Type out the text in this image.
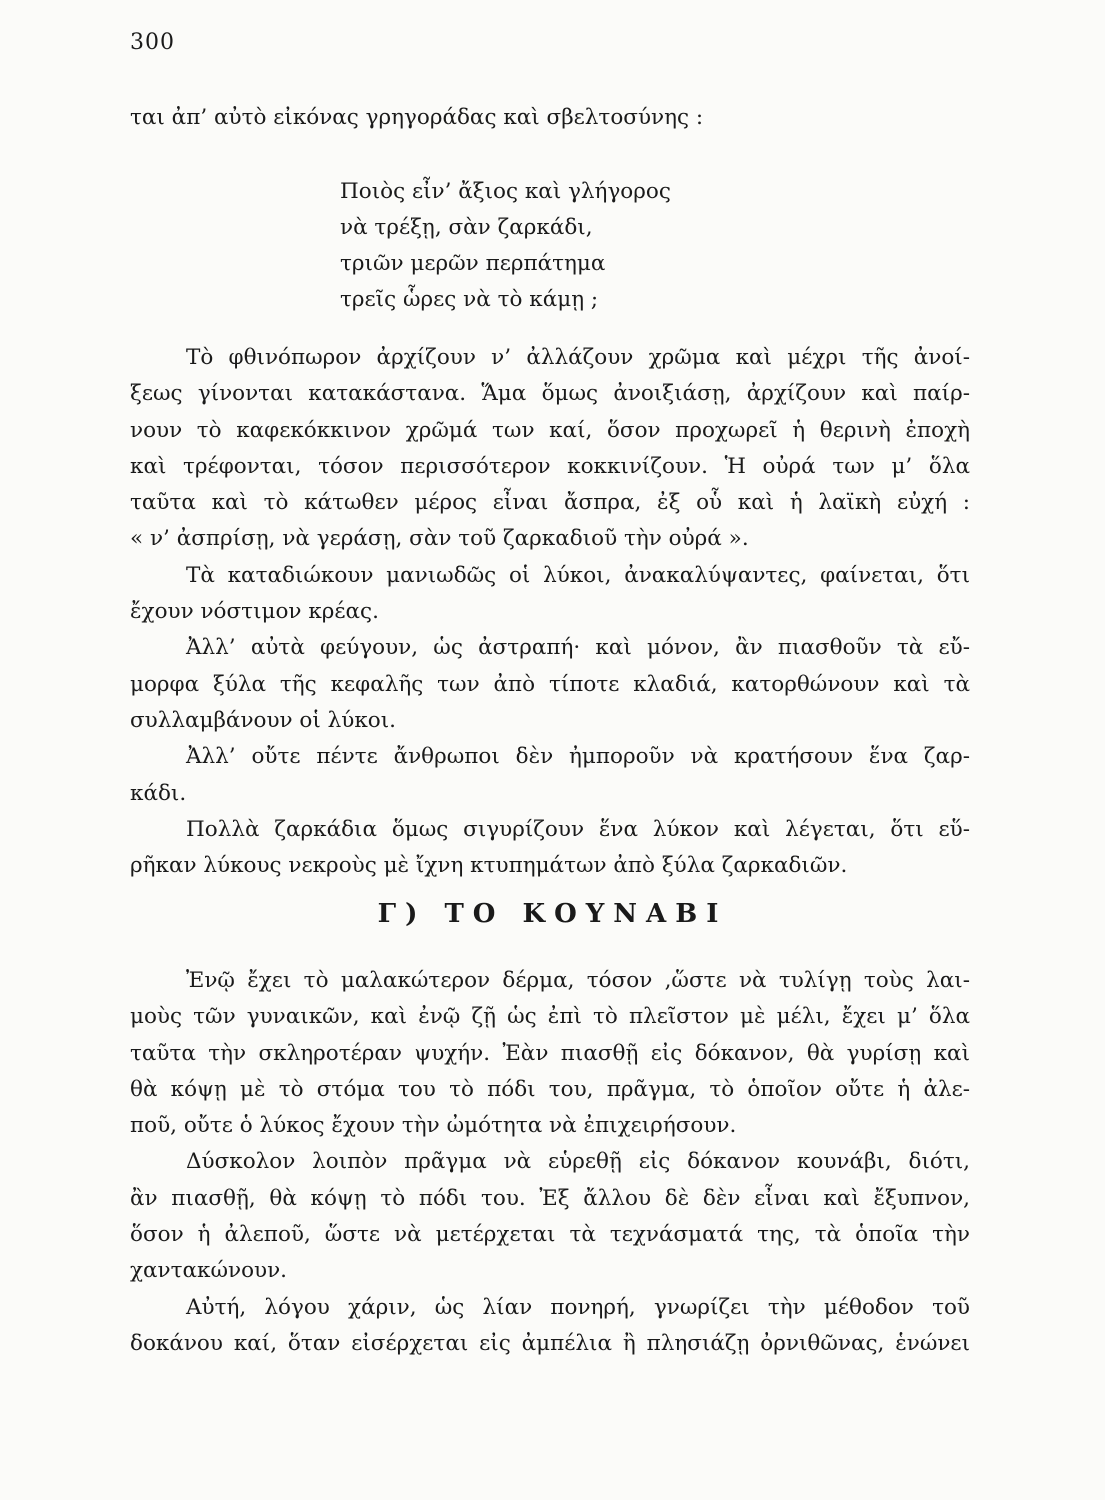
300
ται ἀπ’ αὐτὸ εἰκόνας γρηγοράδας καὶ σβελτοσύνης :
Ποιὸς εἶν’ ἄξιος καὶ γλήγορος
νὰ τρέξῃ, σὰν ζαρκάδι,
τριῶν μερῶν περπάτημα
τρεῖς ὧρες νὰ τὸ κάμῃ ;
Τὸ φθινόπωρον ἀρχίζουν ν’ ἀλλάζουν χρῶμα καὶ μέχρι τῆς ἀνοί-
ξεως γίνονται κατακάστανα. Ἅμα ὅμως ἀνοιξιάσῃ, ἀρχίζουν καὶ παίρ-
νουν τὸ καφεκόκκινον χρῶμά των καί, ὅσον προχωρεῖ ἡ θερινὴ ἐποχὴ
καὶ τρέφονται, τόσον περισσότερον κοκκινίζουν. Ἡ οὐρά των μ’ ὅλα
ταῦτα καὶ τὸ κάτωθεν μέρος εἶναι ἄσπρα, ἐξ οὗ καὶ ἡ λαϊκὴ εὐχή :
« ν’ ἀσπρίσῃ, νὰ γεράσῃ, σὰν τοῦ ζαρκαδιοῦ τὴν οὐρά ».
Τὰ καταδιώκουν μανιωδῶς οἱ λύκοι, ἀνακαλύψαντες, φαίνεται, ὅτι
ἔχουν νόστιμον κρέας.
Ἀλλ’ αὐτὰ φεύγουν, ὡς ἀστραπή· καὶ μόνον, ἂν πιασθοῦν τὰ εὔ-
μορφα ξύλα τῆς κεφαλῆς των ἀπὸ τίποτε κλαδιά, κατορθώνουν καὶ τὰ
συλλαμβάνουν οἱ λύκοι.
Ἀλλ’ οὔτε πέντε ἄνθρωποι δὲν ἠμποροῦν νὰ κρατήσουν ἕνα ζαρ-
κάδι.
Πολλὰ ζαρκάδια ὅμως σιγυρίζουν ἕνα λύκον καὶ λέγεται, ὅτι εὕ-
ρῆκαν λύκους νεκροὺς μὲ ἴχνη κτυπημάτων ἀπὸ ξύλα ζαρκαδιῶν.
Γ) ΤΟ ΚΟΥΝΑΒΙ
Ἐνῷ ἔχει τὸ μαλακώτερον δέρμα, τόσον ,ὥστε νὰ τυλίγῃ τοὺς λαι-
μοὺς τῶν γυναικῶν, καὶ ἐνῷ ζῇ ὡς ἐπὶ τὸ πλεῖστον μὲ μέλι, ἔχει μ’ ὅλα
ταῦτα τὴν σκληροτέραν ψυχήν. Ἐὰν πιασθῇ εἰς δόκανον, θὰ γυρίσῃ καὶ
θὰ κόψῃ μὲ τὸ στόμα του τὸ πόδι του, πρᾶγμα, τὸ ὁποῖον οὔτε ἡ ἀλε-
ποῦ, οὔτε ὁ λύκος ἔχουν τὴν ὠμότητα νὰ ἐπιχειρήσουν.
Δύσκολον λοιπὸν πρᾶγμα νὰ εὑρεθῇ εἰς δόκανον κουνάβι, διότι,
ἂν πιασθῇ, θὰ κόψῃ τὸ πόδι του. Ἐξ ἄλλου δὲ δὲν εἶναι καὶ ἔξυπνον,
ὅσον ἡ ἀλεποῦ, ὥστε νὰ μετέρχεται τὰ τεχνάσματά της, τὰ ὁποῖα τὴν
χαντακώνουν.
Αὐτή, λόγου χάριν, ὡς λίαν πονηρή, γνωρίζει τὴν μέθοδον τοῦ
δοκάνου καί, ὅταν εἰσέρχεται εἰς ἀμπέλια ἢ πλησιάζῃ ὀρνιθῶνας, ἑνώνει
